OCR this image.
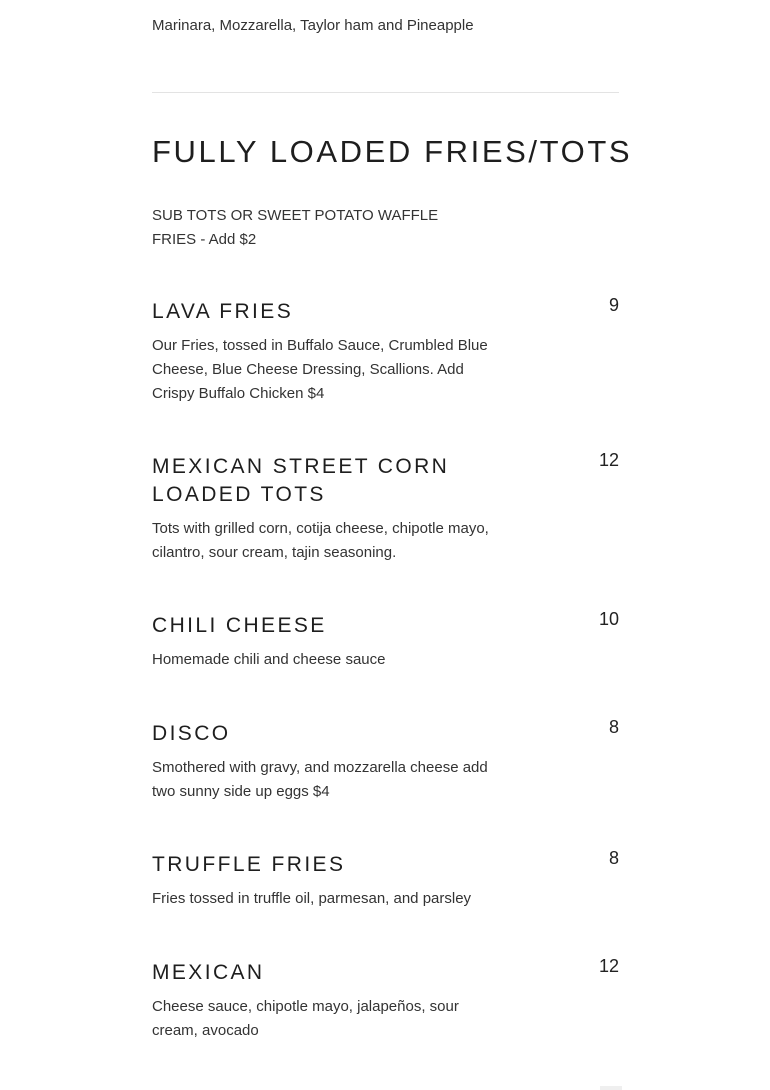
Marinara, Mozzarella, Taylor ham and Pineapple
FULLY LOADED FRIES/TOTS
SUB TOTS OR SWEET POTATO WAFFLE FRIES - Add $2
LAVA FRIES	9
Our Fries, tossed in Buffalo Sauce, Crumbled Blue Cheese, Blue Cheese Dressing, Scallions. Add Crispy Buffalo Chicken $4
MEXICAN STREET CORN LOADED TOTS
12
Tots with grilled corn, cotija cheese, chipotle mayo, cilantro, sour cream, tajin seasoning.
CHILI CHEESE	10
Homemade chili and cheese sauce
DISCO	8
Smothered with gravy, and mozzarella cheese add two sunny side up eggs $4
TRUFFLE FRIES	8
Fries tossed in truffle oil, parmesan, and parsley
MEXICAN	12
Cheese sauce, chipotle mayo, jalapeños, sour cream, avocado
